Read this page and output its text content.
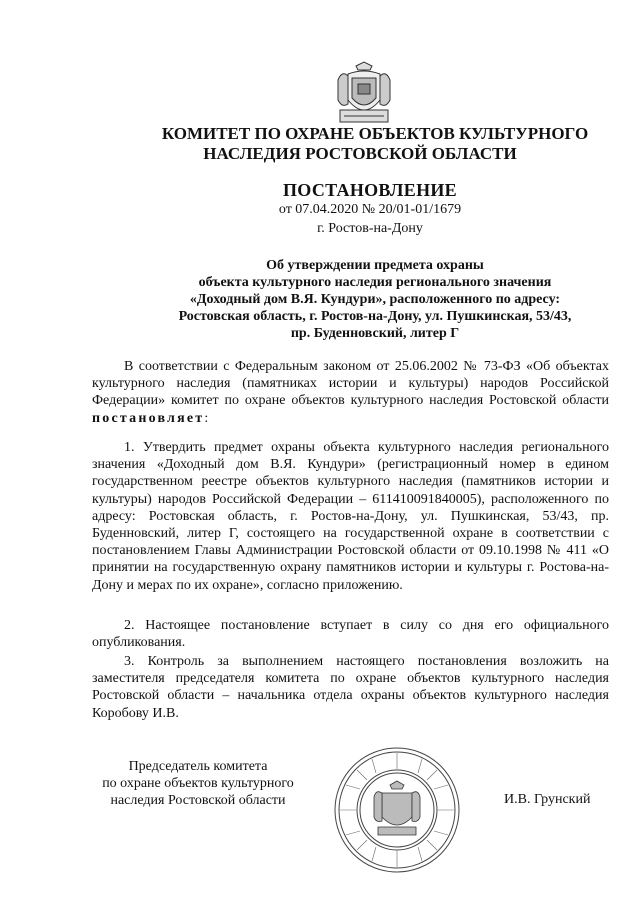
КОМИТЕТ ПО ОХРАНЕ ОБЪЕКТОВ КУЛЬТУРНОГО
НАСЛЕДИЯ РОСТОВСКОЙ ОБЛАСТИ
ПОСТАНОВЛЕНИЕ
от 07.04.2020 № 20/01-01/1679
г. Ростов-на-Дону
Об утверждении предмета охраны
объекта культурного наследия регионального значения
«Доходный дом В.Я. Кундури», расположенного по адресу:
Ростовская область, г. Ростов-на-Дону, ул. Пушкинская, 53/43,
пр. Буденновский, литер Г

В соответствии с Федеральным законом от 25.06.2002 № 73-ФЗ «Об объектах культурного наследия (памятниках истории и культуры) народов Российской Федерации» комитет по охране объектов культурного наследия Ростовской области постановляет:

1. Утвердить предмет охраны объекта культурного наследия регионального значения «Доходный дом В.Я. Кундури» (регистрационный номер в едином государственном реестре объектов культурного наследия (памятников истории и культуры) народов Российской Федерации – 611410091840005), расположенного по адресу: Ростовская область, г. Ростов-на-Дону, ул. Пушкинская, 53/43, пр. Буденновский, литер Г, состоящего на государственной охране в соответствии с постановлением Главы Администрации Ростовской области от 09.10.1998 № 411 «О принятии на государственную охрану памятников истории и культуры г. Ростова-на-Дону и мерах по их охране», согласно приложению.

2. Настоящее постановление вступает в силу со дня его официального опубликования.

3. Контроль за выполнением настоящего постановления возложить на заместителя председателя комитета по охране объектов культурного наследия Ростовской области – начальника отдела охраны объектов культурного наследия Коробову И.В.

Председатель комитета
по охране объектов культурного
наследия Ростовской области	И.В. Грунский
